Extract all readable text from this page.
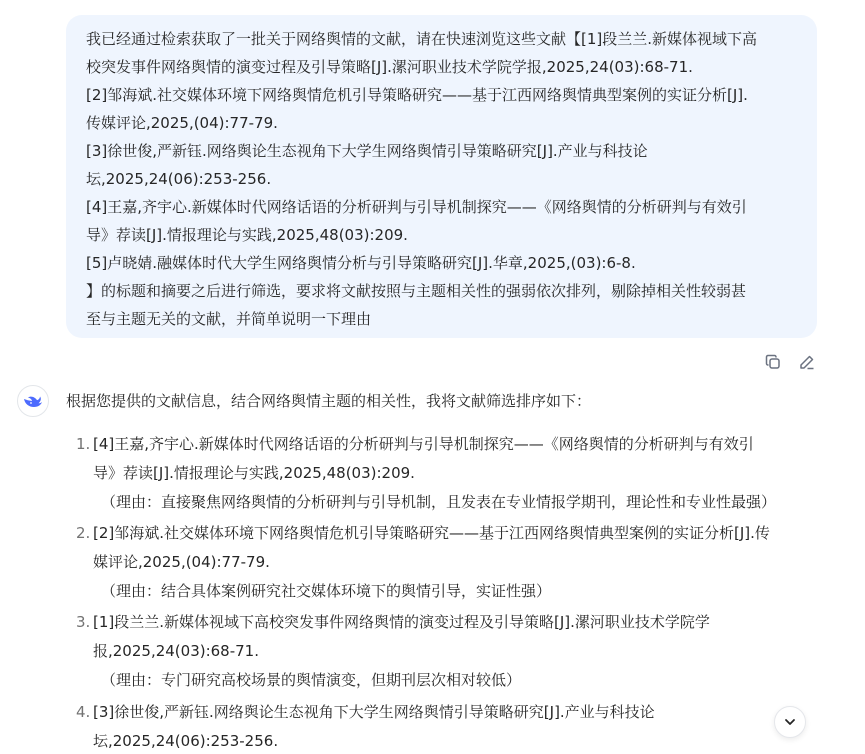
我已经通过检索获取了一批关于网络舆情的文献，请在快速浏览这些文献【[1]段兰兰.新媒体视域下高
校突发事件网络舆情的演变过程及引导策略[J].漯河职业技术学院学报,2025,24(03):68-71.
[2]邹海斌.社交媒体环境下网络舆情危机引导策略研究——基于江西网络舆情典型案例的实证分析[J].
传媒评论,2025,(04):77-79.
[3]徐世俊,严新钰.网络舆论生态视角下大学生网络舆情引导策略研究[J].产业与科技论
坛,2025,24(06):253-256.
[4]王嘉,齐宇心.新媒体时代网络话语的分析研判与引导机制探究——《网络舆情的分析研判与有效引
导》荐读[J].情报理论与实践,2025,48(03):209.
[5]卢晓婧.融媒体时代大学生网络舆情分析与引导策略研究[J].华章,2025,(03):6-8.
】的标题和摘要之后进行筛选，要求将文献按照与主题相关性的强弱依次排列，剔除掉相关性较弱甚
至与主题无关的文献，并简单说明一下理由
根据您提供的文献信息，结合网络舆情主题的相关性，我将文献筛选排序如下：
1. [4]王嘉,齐宇心.新媒体时代网络话语的分析研判与引导机制探究——《网络舆情的分析研判与有效引
导》荐读[J].情报理论与实践,2025,48(03):209.
（理由：直接聚焦网络舆情的分析研判与引导机制，且发表在专业情报学期刊，理论性和专业性最强）
2. [2]邹海斌.社交媒体环境下网络舆情危机引导策略研究——基于江西网络舆情典型案例的实证分析[J].传
媒评论,2025,(04):77-79.
（理由：结合具体案例研究社交媒体环境下的舆情引导，实证性强）
3. [1]段兰兰.新媒体视域下高校突发事件网络舆情的演变过程及引导策略[J].漯河职业技术学院学
报,2025,24(03):68-71.
（理由：专门研究高校场景的舆情演变，但期刊层次相对较低）
4. [3]徐世俊,严新钰.网络舆论生态视角下大学生网络舆情引导策略研究[J].产业与科技论
坛,2025,24(06):253-256.
